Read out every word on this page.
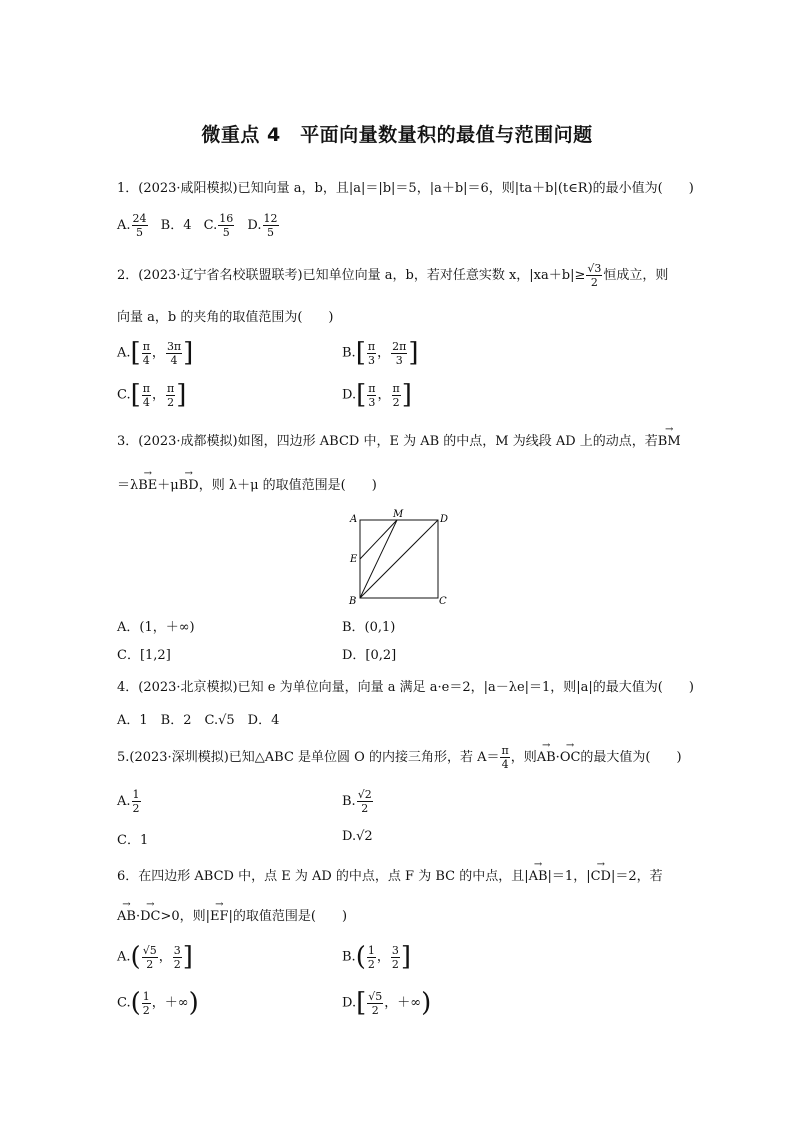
微重点 4　平面向量数量积的最值与范围问题
1．(2023·咸阳模拟)已知向量 a，b，且|a|＝|b|＝5，|a＋b|＝6，则|ta＋b|(t∈R)的最小值为(　　)
A. $\frac{24}{5}$ B．4 C. $\frac{16}{5} D$. $\frac{12}{5}$
2．(2023·辽宁省名校联盟联考)已知单位向量 a，b，若对任意实数 x，$|xa+b|\ge \frac{√3}{2}$ 恒成立，则
向量 a，b 的夹角的取值范围为(　　)
$A.[ \frac{\pi}{4}$ ， $\frac{3\pi}{4}$ ]	$B.[ \frac{\pi}{3}$ ， $\frac{2\pi}{3}$ ]
$C.[ \frac{\pi}{4}$ ， $\frac{\pi}{2}$ ]	$D.[ \frac{\pi}{3}$ ， $\frac{\pi}{2}$ ]
3．(2023·成都模拟)如图，四边形 ABCD 中，E 为 AB 的中点，M 为线段 AD 上的动点，若→ BM
＝λ→ BE＋μ→ BD，则 λ＋μ 的取值范围是(　　)
A	M	D
E
B	C
A．(1，＋∞)	B．(0,1)
C．[1,2]	D．[0,2]
4．(2023·北京模拟)已知 e 为单位向量，向量 a 满足 a·e＝2，|a－λe|＝1，则|a|的最大值为(　　)
A．1　B．2　C.√5　D．4
5.(2023·深圳模拟)已知△ABC 是单位圆 O 的内接三角形，若 $A= \frac{\pi}{4}$ ，则→ AB·→ OC的最大值为(　　)
A. $\frac{1}{2}$	B. $\frac{√2}{2}$
C．1	D.√2
6．在四边形 ABCD 中，点 E 为 AD 的中点，点 F 为 BC 的中点，且|→ AB|＝1，|→ CD|＝2，若
→ AB·→ DC>0，则|→ EF|的取值范围是(　　)
$A.( \frac{√5}{2}$ ， $\frac{3}{2}$ ]	$B.( \frac{1}{2}$ ， $\frac{3}{2}$ ]
$C.( \frac{1}{2}$ ，＋∞)	$D.[ \frac{√5}{2}$ ，＋∞)
